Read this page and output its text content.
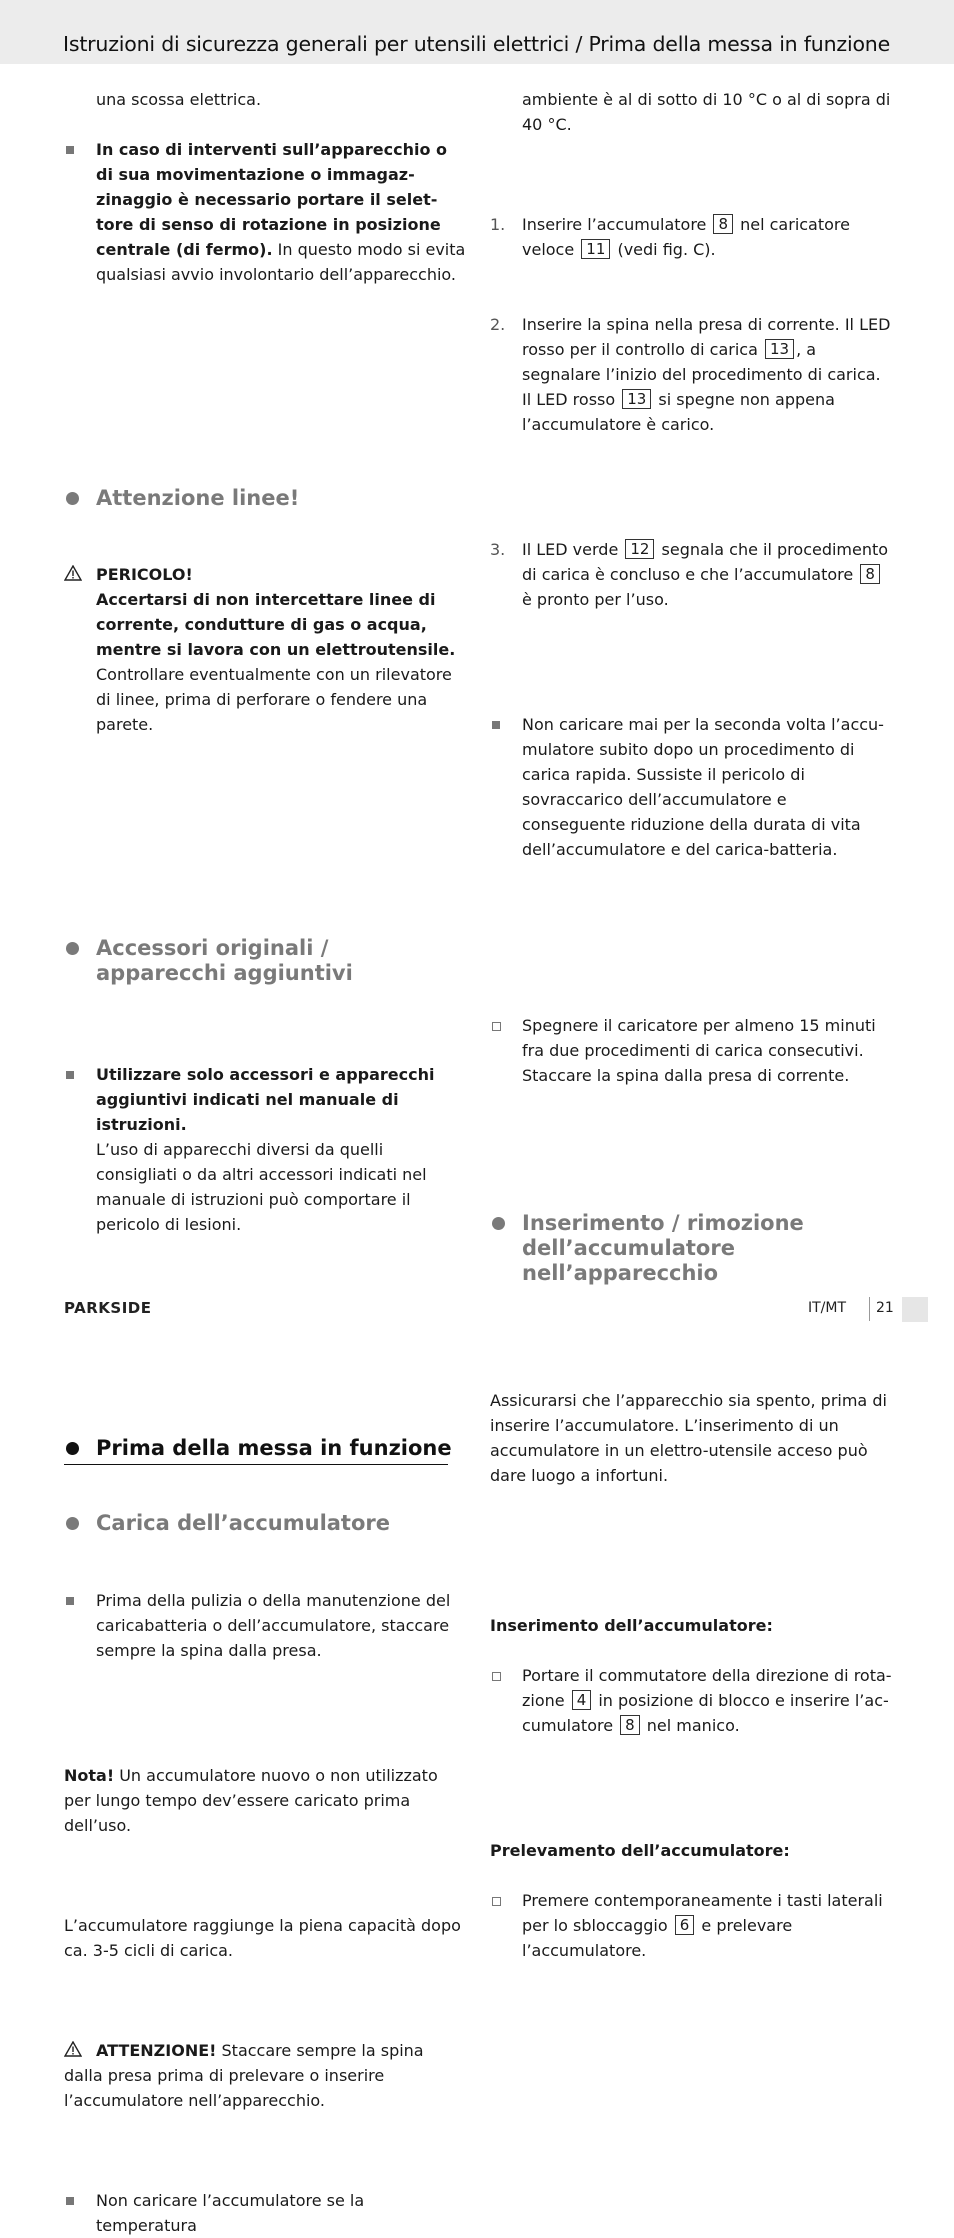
Istruzioni di sicurezza generali per utensili elettrici / Prima della messa in funzione
una scossa elettrica.
In caso di interventi sull’apparecchio o di sua movimentazione o immagaz-zinaggio è necessario portare il selet-tore di senso di rotazione in posizione centrale (di fermo). In questo modo si evita qualsiasi avvio involontario dell’apparecchio.
Attenzione linee!
PERICOLO!
Accertarsi di non intercettare linee di corrente, condutture di gas o acqua, mentre si lavora con un elettroutensile.
Controllare eventualmente con un rilevatore di linee, prima di perforare o fendere una parete.
Accessori originali /
apparecchi aggiuntivi
Utilizzare solo accessori e apparecchi aggiuntivi indicati nel manuale di istruzioni.
L’uso di apparecchi diversi da quelli consigliati o da altri accessori indicati nel manuale di istruzioni può comportare il pericolo di lesioni.
Prima della messa in funzione
Carica dell’accumulatore
Prima della pulizia o della manutenzione del caricabatteria o dell’accumulatore, staccare sempre la spina dalla presa.
Nota! Un accumulatore nuovo o non utilizzato per lungo tempo dev’essere caricato prima dell’uso.
L’accumulatore raggiunge la piena capacità dopo ca. 3-5 cicli di carica.
ATTENZIONE! Staccare sempre la spina dalla presa prima di prelevare o inserire l’accumulatore nell’apparecchio.
Non caricare l’accumulatore se la temperatura
ambiente è al di sotto di 10 °C o al di sopra di 40 °C.
1.	Inserire l’accumulatore 8 nel caricatore veloce 11 (vedi fig. C).
2.	Inserire la spina nella presa di corrente. Il LED rosso per il controllo di carica 13 , a segnalare l’inizio del procedimento di carica. Il LED rosso 13 si spegne non appena l’accumulatore è carico.
3.	Il LED verde 12 segnala che il procedimento di carica è concluso e che l’accumulatore 8 è pronto per l’uso.
Non caricare mai per la seconda volta l’accu-mulatore subito dopo un procedimento di carica rapida. Sussiste il pericolo di sovraccarico dell’accumulatore e conseguente riduzione della durata di vita dell’accumulatore e del carica-batteria.
Spegnere il caricatore per almeno 15 minuti fra due procedimenti di carica consecutivi. Staccare la spina dalla presa di corrente.
Inserimento / rimozione
dell’accumulatore
nell’apparecchio
Assicurarsi che l’apparecchio sia spento, prima di inserire l’accumulatore. L’inserimento di un accumulatore in un elettro-utensile acceso può dare luogo a infortuni.
Inserimento dell’accumulatore:
Portare il commutatore della direzione di rota-zione 4 in posizione di blocco e inserire l’ac-cumulatore 8 nel manico.
Prelevamento dell’accumulatore:
Premere contemporaneamente i tasti laterali per lo sbloccaggio 6 e prelevare l’accumulatore.
PARKSIDE	IT/MT 21
